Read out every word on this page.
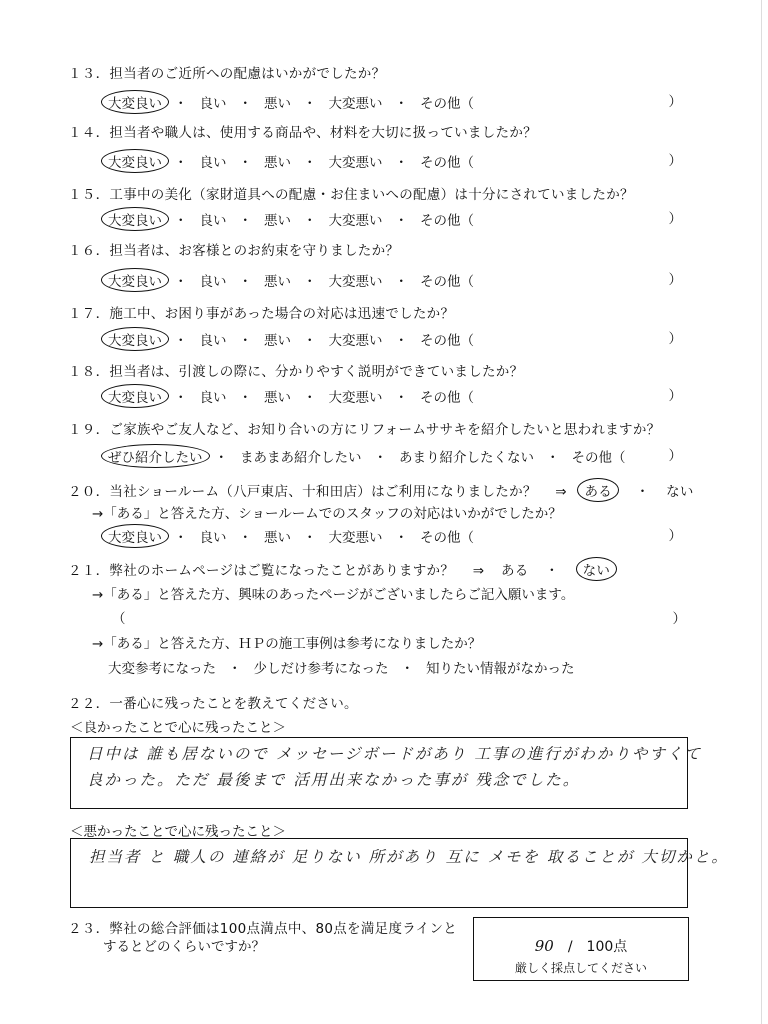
１３．担当者のご近所への配慮はいかがでしたか？
大変良い ・ 良い ・ 悪い ・ 大変悪い ・ その他（	）
１４．担当者や職人は、使用する商品や、材料を大切に扱っていましたか？
大変良い ・ 良い ・ 悪い ・ 大変悪い ・ その他（	）
１５．工事中の美化（家財道具への配慮・お住まいへの配慮）は十分にされていましたか？
大変良い ・ 良い ・ 悪い ・ 大変悪い ・ その他（	）
１６．担当者は、お客様とのお約束を守りましたか？
大変良い ・ 良い ・ 悪い ・ 大変悪い ・ その他（	）
１７．施工中、お困り事があった場合の対応は迅速でしたか？
大変良い ・ 良い ・ 悪い ・ 大変悪い ・ その他（	）
１８．担当者は、引渡しの際に、分かりやすく説明ができていましたか？
大変良い ・ 良い ・ 悪い ・ 大変悪い ・ その他（	）
１９．ご家族やご友人など、お知り合いの方にリフォームササキを紹介したいと思われますか？
ぜひ紹介したい ・ まあまあ紹介したい ・ あまり紹介したくない ・ その他（	）
２０．当社ショールーム（八戸東店、十和田店）はご利用になりましたか？ ⇒ ある ・ ない
→「ある」と答えた方、ショールームでのスタッフの対応はいかがでしたか？
大変良い ・ 良い ・ 悪い ・ 大変悪い ・ その他（	）
２１．弊社のホームページはご覧になったことがありますか？ ⇒ ある ・ ない
→「ある」と答えた方、興味のあったページがございましたらご記入願います。
（	）
→「ある」と答えた方、ＨＰの施工事例は参考になりましたか？
大変参考になった ・ 少しだけ参考になった ・ 知りたい情報がなかった
２２．一番心に残ったことを教えてください。
＜良かったことで心に残ったこと＞
日中は 誰も居ないので メッセージボードがあり 工事の進行がわかりやすくて
良かった。ただ 最後まで 活用出来なかった事が 残念でした。
＜悪かったことで心に残ったこと＞
担当者 と 職人の 連絡が 足りない 所があり 互に メモを 取ることが 大切かと。
２３．弊社の総合評価は100点満点中、80点を満足度ラインと
するとどのくらいですか？	90 / 100点
厳しく採点してください
